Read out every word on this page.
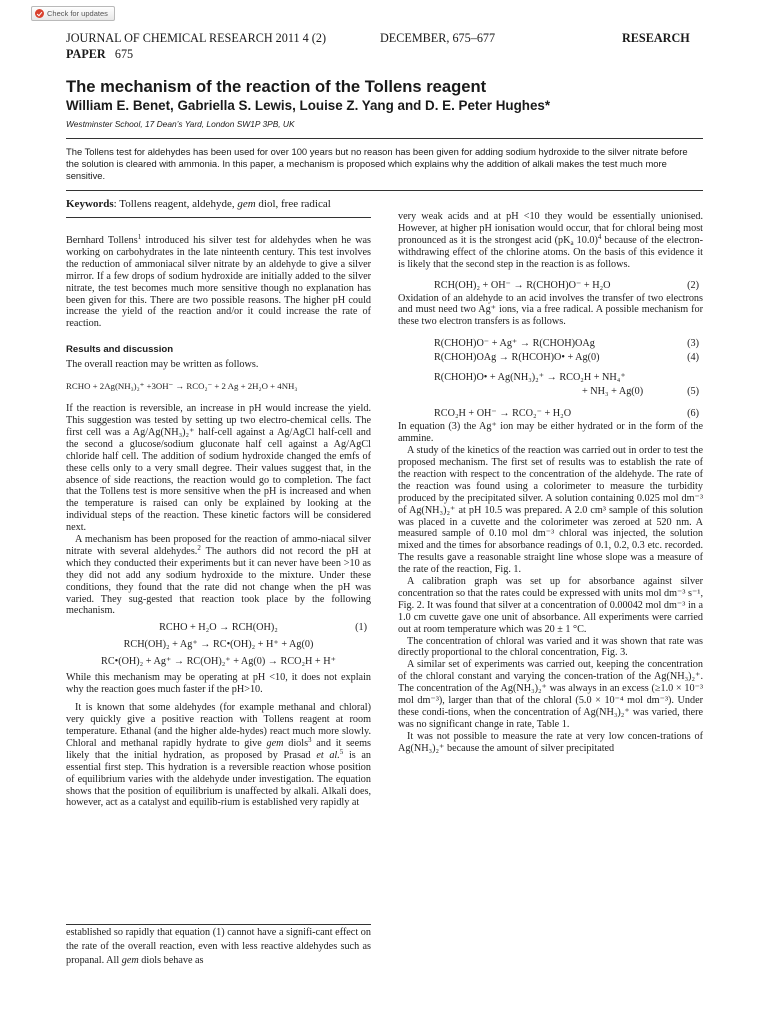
Check for updates
JOURNAL OF CHEMICAL RESEARCH 2011 4 (2)	DECEMBER, 675–677	RESEARCH
PAPER 675
The mechanism of the reaction of the Tollens reagent
William E. Benet, Gabriella S. Lewis, Louise Z. Yang and D. E. Peter Hughes*
Westminster School, 17 Dean’s Yard, London SW1P 3PB, UK

The Tollens test for aldehydes has been used for over 100 years but no reason has been given for adding sodium hydroxide to the silver nitrate before the solution is cleared with ammonia. In this paper, a mechanism is proposed which explains why the addition of alkali makes the test much more sensitive.

Keywords: Tollens reagent, aldehyde, gem diol, free radical

Bernhard Tollens$^1$ introduced his silver test for aldehydes when he was working on carbohydrates in the late ninteenth century. This test involves the reduction of ammoniacal silver nitrate by an aldehyde to give a silver mirror. If a few drops of sodium hydroxide are initially added to the silver nitrate, the test becomes much more sensitive though no explanation has been given for this. There are two possible reasons. The higher pH could increase the yield of the reaction and/or it could increase the rate of reaction.

Results and discussion

The overall reaction may be written as follows.

RCHO + 2Ag(NH₃)₂⁺ +3OH⁻ → RCO₂⁻ + 2 Ag + 2H₂O + 4NH₃

If the reaction is reversible, an increase in pH would increase the yield. This suggestion was tested by setting up two electro-chemical cells. The first cell was a Ag/Ag(NH₃)₂⁺ half-cell against a Ag/AgCl half-cell and the second a glucose/sodium gluconate half cell against a Ag/AgCl chloride half cell. The addition of sodium hydroxide changed the emfs of these cells only to a very small degree. Their values suggest that, in the absence of side reactions, the reaction would go to completion. The fact that the Tollens test is more sensitive when the pH is increased and when the temperature is raised can only be explained by looking at the individual steps of the reaction. These kinetic factors will be considered next.

A mechanism has been proposed for the reaction of ammo-niacal silver nitrate with several aldehydes.$^2$ The authors did not record the pH at which they conducted their experiments but it can never have been >10 as they did not add any sodium hydroxide to the mixture. Under these conditions, they found that the rate did not change when the pH was varied. They sug-gested that reaction took place by the following mechanism.

RCHO + H₂O → RCH(OH)₂	(1)
RCH(OH)₂ + Ag⁺ → RC•(OH)₂ + H⁺ + Ag(0)
RC•(OH)₂ + Ag⁺ → RC(OH)₂⁺ + Ag(0) → RCO₂H + H⁺

While this mechanism may be operating at pH <10, it does not explain why the reaction goes much faster if the pH>10.

It is known that some aldehydes (for example methanal and chloral) very quickly give a positive reaction with Tollens reagent at room temperature. Ethanal (and the higher alde-hydes) react much more slowly. Chloral and methanal rapidly hydrate to give gem diols$^3$ and it seems likely that the initial hydration, as proposed by Prasad et al.$^5$ is an essential first step. This hydration is a reversible reaction whose position of equilibrium varies with the aldehyde under investigation. The equation shows that the position of equilibrium is unaffected by alkali. Alkali does, however, act as a catalyst and equilib-rium is established very rapidly at

established so rapidly that equation (1) cannot have a signifi-cant effect on the rate of the overall reaction, even with less reactive aldehydes such as propanal. All gem diols behave as

very weak acids and at pH <10 they would be essentially unionised. However, at higher pH ionisation would occur, that for chloral being most pronounced as it is the strongest acid ($pK_a$ 10.0)$^4$ because of the electron-withdrawing effect of the chlorine atoms. On the basis of this evidence it is likely that the second step in the reaction is as follows.

RCH(OH)₂ + OH⁻ → R(CHOH)O⁻ + H₂O	(2)

Oxidation of an aldehyde to an acid involves the transfer of two electrons and must need two Ag⁺ ions, via a free radical. A possible mechanism for these two electron transfers is as follows.

R(CHOH)O⁻ + Ag⁺ → R(CHOH)OAg	(3)
R(CHOH)OAg → R(HCOH)O• + Ag(0)	(4)
R(CHOH)O• + Ag(NH₃)₂⁺ → RCO₂H + NH₄⁺
+ NH₃ + Ag(0)	(5)
RCO₂H + OH⁻ → RCO₂⁻ + H₂O	(6)

In equation (3) the Ag⁺ ion may be either hydrated or in the form of the ammine.

A study of the kinetics of the reaction was carried out in order to test the proposed mechanism. The first set of results was to establish the rate of the reaction with respect to the concentration of the aldehyde. The rate of the reaction was found using a colorimeter to measure the turbidity produced by the precipitated silver. A solution containing 0.025 mol dm⁻³ of Ag(NH₃)₂⁺ at pH 10.5 was prepared. A 2.0 cm³ sample of this solution was placed in a cuvette and the colorimeter was zeroed at 520 nm. A measured sample of 0.10 mol dm⁻³ chloral was injected, the solution mixed and the times for absorbance readings of 0.1, 0.2, 0.3 etc. recorded. The results gave a reasonable straight line whose slope was a measure of the rate of the reaction, Fig. 1.

A calibration graph was set up for absorbance against silver concentration so that the rates could be expressed with units mol dm⁻³ s⁻¹, Fig. 2. It was found that silver at a concentration of 0.00042 mol dm⁻³ in a 1.0 cm cuvette gave one unit of absorbance. All experiments were carried out at room temperature which was 20 ± 1 °C.

The concentration of chloral was varied and it was shown that rate was directly proportional to the chloral concentration, Fig. 3.

A similar set of experiments was carried out, keeping the concentration of the chloral constant and varying the concen-tration of the Ag(NH₃)₂⁺. The concentration of the Ag(NH₃)₂⁺ was always in an excess (≥1.0 × 10⁻³ mol dm⁻³), larger than that of the chloral (5.0 × 10⁻⁴ mol dm⁻³). Under these condi-tions, when the concentration of Ag(NH₃)₂⁺ was varied, there was no significant change in rate, Table 1.

It was not possible to measure the rate at very low concen-trations of Ag(NH₃)₂⁺ because the amount of silver precipitated
